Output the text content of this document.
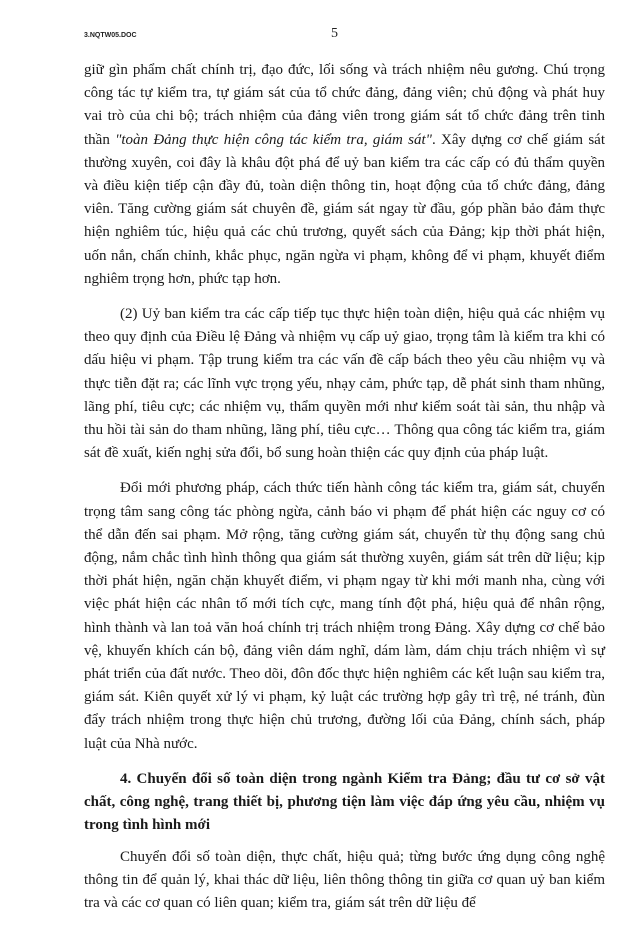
3.NQTW05.DOC	5

giữ gìn phẩm chất chính trị, đạo đức, lối sống và trách nhiệm nêu gương. Chú trọng công tác tự kiểm tra, tự giám sát của tổ chức đảng, đảng viên; chủ động và phát huy vai trò của chi bộ; trách nhiệm của đảng viên trong giám sát tổ chức đảng trên tinh thần "toàn Đảng thực hiện công tác kiểm tra, giám sát". Xây dựng cơ chế giám sát thường xuyên, coi đây là khâu đột phá để uỷ ban kiểm tra các cấp có đủ thẩm quyền và điều kiện tiếp cận đầy đủ, toàn diện thông tin, hoạt động của tổ chức đảng, đảng viên. Tăng cường giám sát chuyên đề, giám sát ngay từ đầu, góp phần bảo đảm thực hiện nghiêm túc, hiệu quả các chủ trương, quyết sách của Đảng; kịp thời phát hiện, uốn nắn, chấn chỉnh, khắc phục, ngăn ngừa vi phạm, không để vi phạm, khuyết điểm nghiêm trọng hơn, phức tạp hơn.

(2) Uỷ ban kiểm tra các cấp tiếp tục thực hiện toàn diện, hiệu quả các nhiệm vụ theo quy định của Điều lệ Đảng và nhiệm vụ cấp uỷ giao, trọng tâm là kiểm tra khi có dấu hiệu vi phạm. Tập trung kiểm tra các vấn đề cấp bách theo yêu cầu nhiệm vụ và thực tiễn đặt ra; các lĩnh vực trọng yếu, nhạy cảm, phức tạp, dễ phát sinh tham nhũng, lãng phí, tiêu cực; các nhiệm vụ, thẩm quyền mới như kiểm soát tài sản, thu nhập và thu hồi tài sản do tham nhũng, lãng phí, tiêu cực… Thông qua công tác kiểm tra, giám sát đề xuất, kiến nghị sửa đổi, bổ sung hoàn thiện các quy định của pháp luật.

Đổi mới phương pháp, cách thức tiến hành công tác kiểm tra, giám sát, chuyển trọng tâm sang công tác phòng ngừa, cảnh báo vi phạm để phát hiện các nguy cơ có thể dẫn đến sai phạm. Mở rộng, tăng cường giám sát, chuyển từ thụ động sang chủ động, nắm chắc tình hình thông qua giám sát thường xuyên, giám sát trên dữ liệu; kịp thời phát hiện, ngăn chặn khuyết điểm, vi phạm ngay từ khi mới manh nha, cùng với việc phát hiện các nhân tố mới tích cực, mang tính đột phá, hiệu quả để nhân rộng, hình thành và lan toả văn hoá chính trị trách nhiệm trong Đảng. Xây dựng cơ chế bảo vệ, khuyến khích cán bộ, đảng viên dám nghĩ, dám làm, dám chịu trách nhiệm vì sự phát triển của đất nước. Theo dõi, đôn đốc thực hiện nghiêm các kết luận sau kiểm tra, giám sát. Kiên quyết xử lý vi phạm, kỷ luật các trường hợp gây trì trệ, né tránh, đùn đẩy trách nhiệm trong thực hiện chủ trương, đường lối của Đảng, chính sách, pháp luật của Nhà nước.

4. Chuyển đổi số toàn diện trong ngành Kiểm tra Đảng; đầu tư cơ sở vật chất, công nghệ, trang thiết bị, phương tiện làm việc đáp ứng yêu cầu, nhiệm vụ trong tình hình mới

Chuyển đổi số toàn diện, thực chất, hiệu quả; từng bước ứng dụng công nghệ thông tin để quản lý, khai thác dữ liệu, liên thông thông tin giữa cơ quan uỷ ban kiểm tra và các cơ quan có liên quan; kiểm tra, giám sát trên dữ liệu để
